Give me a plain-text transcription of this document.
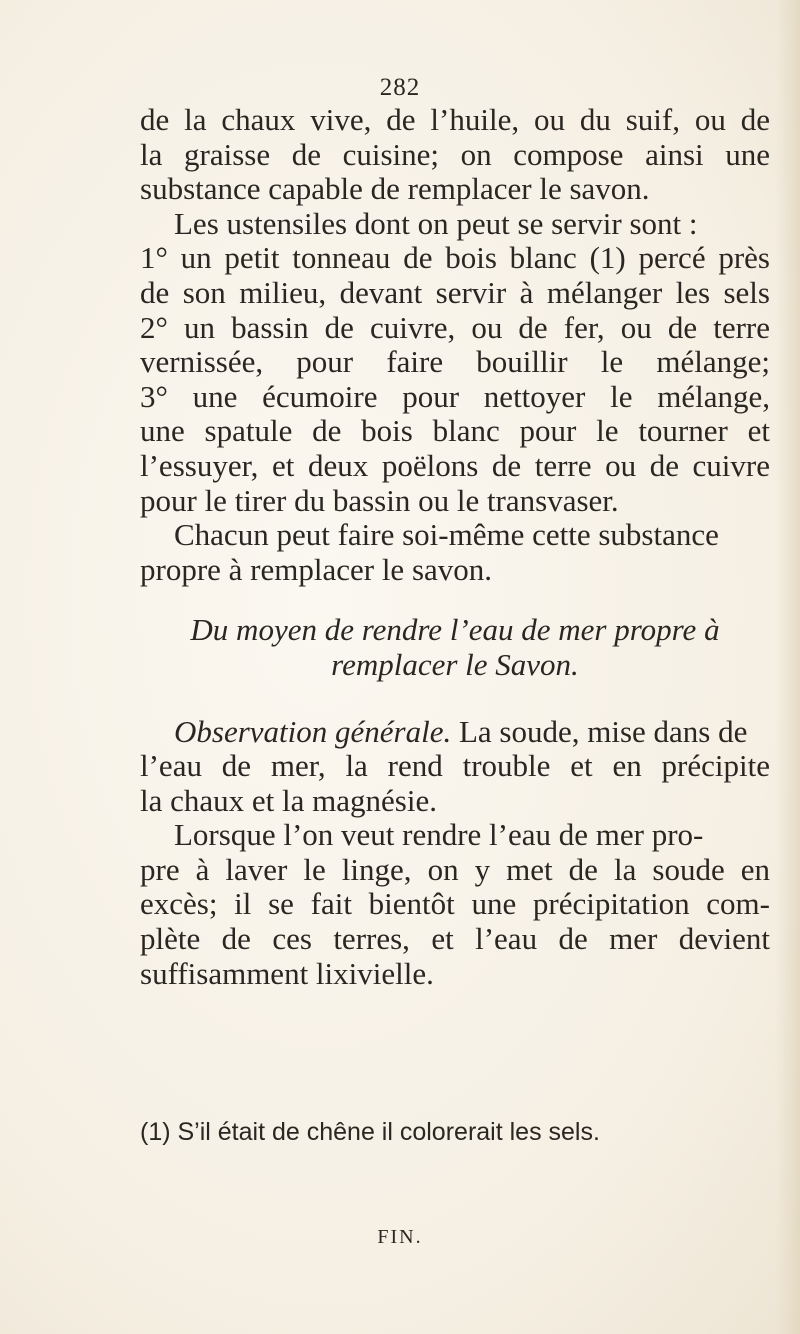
282
de la chaux vive, de l’huile, ou du suif, ou de
la graisse de cuisine; on compose ainsi une
substance capable de remplacer le savon.
Les ustensiles dont on peut se servir sont :
1° un petit tonneau de bois blanc (1) percé près
de son milieu, devant servir à mélanger les sels
2° un bassin de cuivre, ou de fer, ou de terre
vernissée, pour faire bouillir le mélange;
3° une écumoire pour nettoyer le mélange,
une spatule de bois blanc pour le tourner et
l’essuyer, et deux poëlons de terre ou de cuivre
pour le tirer du bassin ou le transvaser.
Chacun peut faire soi-même cette substance
propre à remplacer le savon.
Du moyen de rendre l’eau de mer propre à
remplacer le Savon.
Observation générale. La soude, mise dans de
l’eau de mer, la rend trouble et en précipite
la chaux et la magnésie.
Lorsque l’on veut rendre l’eau de mer pro-
pre à laver le linge, on y met de la soude en
excès; il se fait bientôt une précipitation com-
plète de ces terres, et l’eau de mer devient
suffisamment lixivielle.
(1) S’il était de chêne il colorerait les sels.
FIN.
